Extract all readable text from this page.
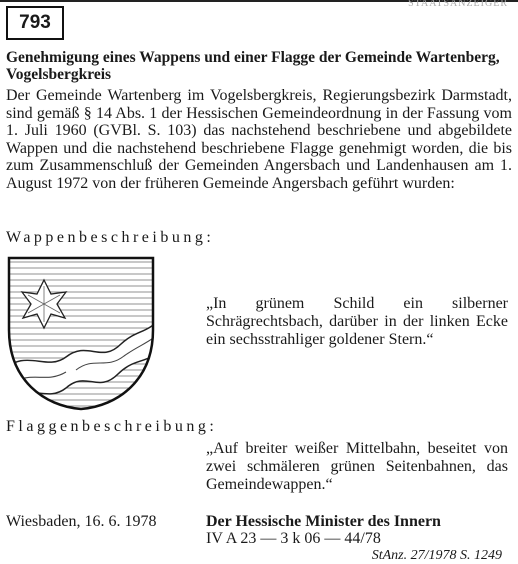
STAATSANZEIGER
793
Genehmigung eines Wappens und einer Flagge der Gemeinde Wartenberg, Vogelsbergkreis
Der Gemeinde Wartenberg im Vogelsbergkreis, Regierungsbezirk Darmstadt, sind gemäß § 14 Abs. 1 der Hessischen Gemeindeordnung in der Fassung vom 1. Juli 1960 (GVBl. S. 103) das nachstehend beschriebene und abgebildete Wappen und die nachstehend beschriebene Flagge genehmigt worden, die bis zum Zusammenschluß der Gemeinden Angersbach und Landenhausen am 1. August 1972 von der früheren Gemeinde Angersbach geführt wurden:
Wappenbeschreibung:
„In grünem Schild ein silberner Schrägrechtsbach, darüber in der linken Ecke ein sechsstrahliger goldener Stern.“
Flaggenbeschreibung:
„Auf breiter weißer Mittelbahn, beseitet von zwei schmäleren grünen Seitenbahnen, das Gemeindewappen.“
Wiesbaden, 16. 6. 1978	Der Hessische Minister des Innern
IV A 23 — 3 k 06 — 44/78
StAnz. 27/1978 S. 1249
